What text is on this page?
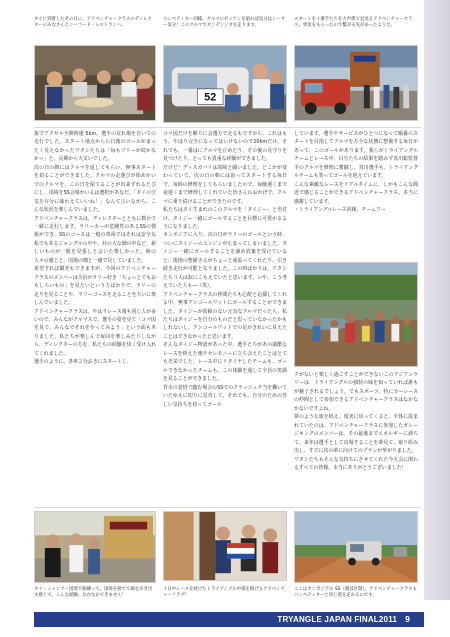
タイに到着したその日に、アドベンチャークラスのディレクターのみなさんとシーフード・レストランへ。

コンペティター同様、クルマにゼッケンを貼れば気分はレーサー気分！このクルマでタンデンジオを走ります。

スタートを１番手たちを大声援で見送るアドベンチャークラス。勇気をもらったので繋がる先があったようだ。

52

抜でアクセル全開時速 5km、選手の荒れ場を自いての走行でした。スタート地点からら日後のゴールがまったく見えなかったワタシたちは「毎もプリーが続かなかっ」と、長期から大気いでした。

次の日の朝にはクルマを返してもらい、無事スタートを切ることができました。クルマの走運びが始めかいでのクルマを、この日を保てることが出来ずれるたびにし、国境をSS会場がいるは選択があなだ。「タイの空気を存分に味わえていいね！」なんて言いながら、こんな状況を楽しんでいました。

アドベンチャークラスは、ディレクターとともに数台で一緒に走行します。ラリーカーが危険性のあるSSの情報ができ、SSのコースは一般の車両ではそれは安全な私でもあるジャングルの中や、社の大な畑の中など、新しいものが一般を見張しと会いた楽しかった。地の人々の感じと、国境の畑と一緒で見していました。

希望すれば観光もできますが、今回のアドベンチャークラスのメンバーは全員がラリー好き「ちょっとでもおもしろいもの」を見たいという方ばかりで、ラリーの走りを見ることや、ラリーコースを走ることを大いに楽しんでいました。

アドベンチャークラスは、やはりレース後も同じ人が多いので、みんながクルマスで、選手の姿を見て「コマ図を見て、みんなでそれをやってみよう」という面もありました。私たちが楽しんで毎回を楽しみたりしながら、ディレクターの方を、私たちの経験を快く受け入れてくれました。

選手のように、各車２分おきにスタートし、

コマ図だけを頼りに会選方で走るもですから、これはもう、やはり完全になってはいけないので20kmだけ、それでも、一番はにクルマを止めたり、その後の見守りを見つけたり、とっても貴重な経験ができました。

だけど！ディスカバリは故障と闘いました。どこかが変わっていて、次の日の朝には治ってスタートする毎日で、毎時の修理をしてもらいましたので、毎晩遅くまで夜遅くまで修理してくれていた皆さんのおかげで、クルマに乗り続けることができたのです。

私たちはタイ生まれのこのクルマを「タイジー」と名付け、タイジー一緒にゴールすることを目標に可愛がるようになりました。

カンボジアに入り、次の日がラリーのゴールという時、ついにタイジーのエンジンが止まってしまいました。タイジー一緒にゴールすることを諦め放棄を受けていると、現地の整備さんがちょっと頑張ってくれたり、引き続き走行が可能となりました。この時ばかりは、ワタシたち３人は涙にこもえていたと思います。いや、こう考えていた人も―（笑）。

アドベンチャークラスの仲間たちも心配と応援してくれる中、無事アンコールワットにゴールすることができました。タイジーが故障のない元気なクルマだったら、私たちはタイジーを自分のものだと思っていなかったかもしれないし、アンコールワットでの足がきれいに見えたことはできなかったと思います。

そんなタイジー物語があった中、選手たちがあの過酷なレースを終えた後やセレモニーに立ち会えたことはとても光栄でした。レース中にリタイヤしたチームも、ゴールできなかったチームも、この体験を通して全員の笑顔を見ることができました。

背水の覚悟で臨む場合のSSでのクラッシュ不当を働いていたゆえに切りに見直して、それでも、自分のための苦しい気持ちを持ってゴール

しています。選手やサービスがひとつになって順番のスタートを目指してクルマを万全な状態に整備する毎日があって、このゴールがあります。我らがトライアングルチームとレース中、白分たちの結果を踏みず真川総監督手のクルマを修理に奮闘し、真川選手も、トライアングルチームも笑ってゴールを迎えています。

こんな素敵なレースをリアルタイムに、しかもこんな間近で感じることができるアドベンチャークラス。本当に感謝しています。

・トライアングルレース同様、チームワー

クがないと楽しく過ごすことができないこのアジアンラリーは、トライアングルの独特の味を知っていれば誰もが魅了されるでしょう。でもスポーツ、特にカーレースの仲間として参加できるアドベンチャークラスはなかなかないですよね。

夢のような旅を終え、現実に戻ってくると、全体に混まれていたのは、アドベンチャークラスに参加したガレージキングのメンバーは、その最後までエネルギーに満ちて、来年は選手として出場することを夢見て、取り組み出し、すでに次の夢に向けてのプランが挙がりました。

ワタシたちもそんな気持ちにさせてくれた今大会に関わるすべての皆様、本当にありがとうございました！

タイ・ミャンマー国境で振練って。国境を接てて線を歩き出す感じで、こんな経験、なかなかできません！

１日中レースを続けたトライアングル中部を掲げるアドベンチャーフラグ！

ここはカンボジアの SS（競技区間）。アドベンチャークラスもコンペティターと同じ道を走れるのです。

TRYANGLE JAPAN FINAL2011 9
